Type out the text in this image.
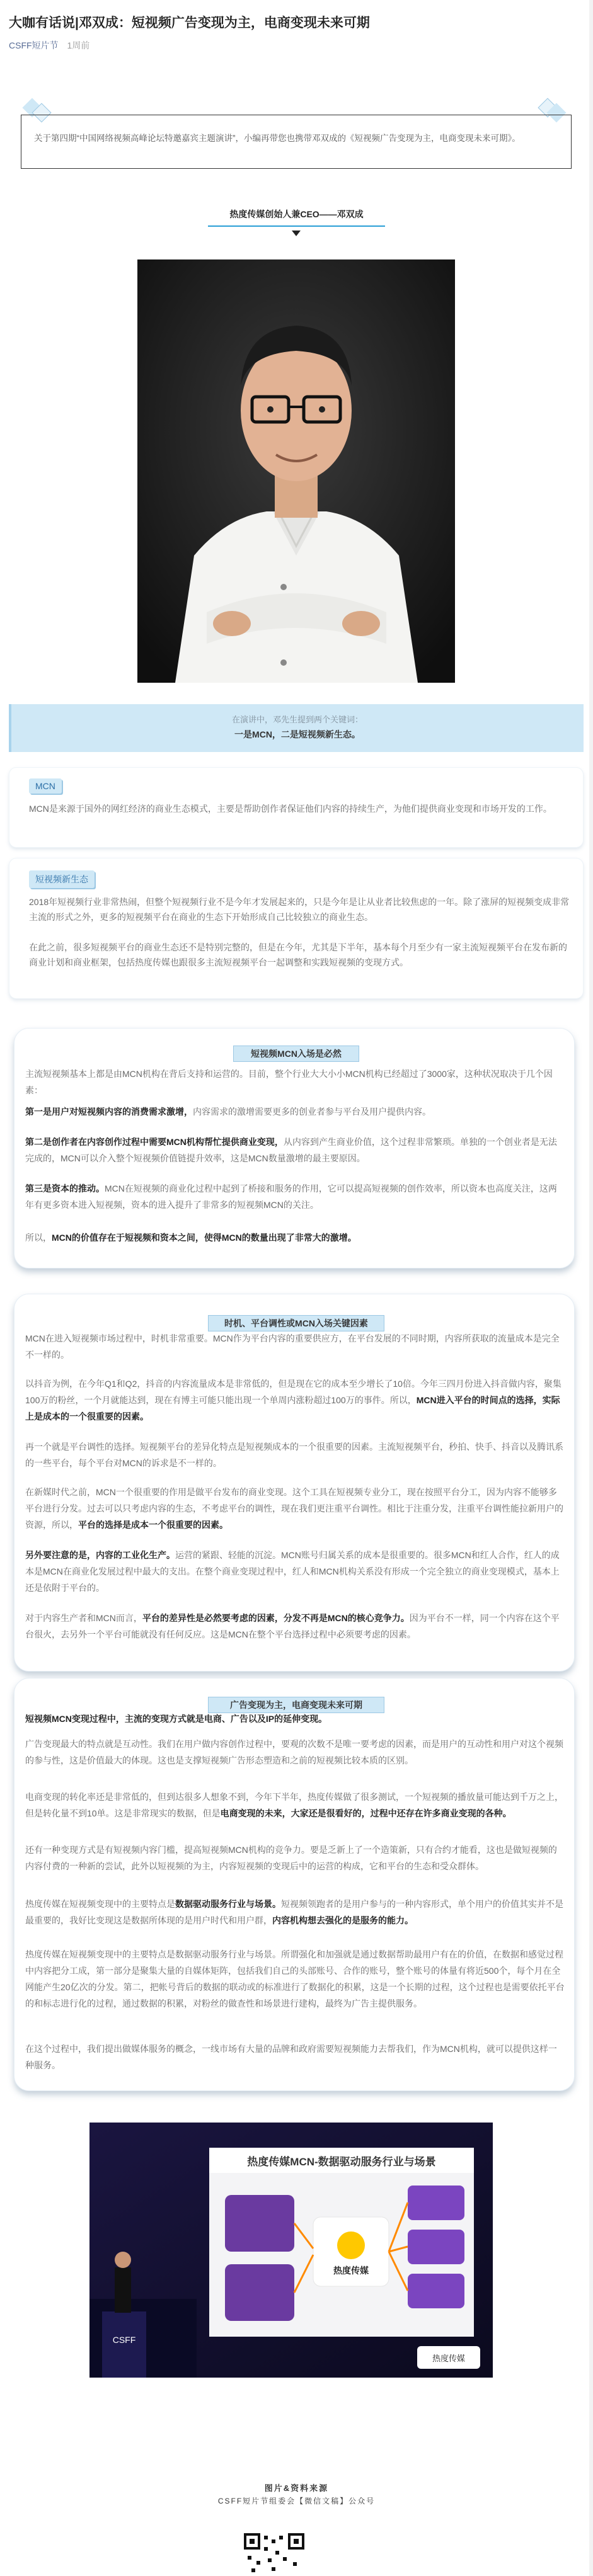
大咖有话说|邓双成：短视频广告变现为主，电商变现未来可期
CSFF短片节 1周前
关于第四期“中国网络视频高峰论坛特邀嘉宾主题演讲”，小编再带您也携带邓双成的《短视频广告变现为主，电商变现未来可期》。
热度传媒创始人兼CEO——邓双成
在演讲中，邓先生提到两个关键词：
一是MCN，二是短视频新生态。
MCN
MCN是来源于国外的网红经济的商业生态模式，主要是帮助创作者保证他们内容的持续生产，为他们提供商业变现和市场开发的工作。
短视频新生态
2018年短视频行业非常热闹，但整个短视频行业不是今年才发展起来的，只是今年是让从业者比较焦虑的一年。除了涨屏的短视频变成非常主流的形式之外，更多的短视频平台在商业的生态下开始形成自己比较独立的商业生态。
在此之前，很多短视频平台的商业生态还不是特别完整的，但是在今年，尤其是下半年，基本每个月至少有一家主流短视频平台在发布新的商业计划和商业框架，包括热度传媒也跟很多主流短视频平台一起调整和实践短视频的变现方式。
短视频MCN入场是必然
主流短视频基本上都是由MCN机构在背后支持和运营的。目前，整个行业大大小小MCN机构已经超过了3000家，这种状况取决于几个因素：
第一是用户对短视频内容的消费需求激增，内容需求的激增需要更多的创业者参与平台及用户提供内容。
第二是创作者在内容创作过程中需要MCN机构帮忙提供商业变现，从内容到产生商业价值，这个过程非常繁琐。单独的一个创业者是无法完成的，MCN可以介入整个短视频价值链提升效率，这是MCN数量激增的最主要原因。
第三是资本的推动。MCN在短视频的商业化过程中起到了桥接和服务的作用，它可以提高短视频的创作效率，所以资本也高度关注，这两年有更多资本进入短视频，资本的进入提升了非常多的短视频MCN的关注。
所以，MCN的价值存在于短视频和资本之间，使得MCN的数量出现了非常大的激增。
时机、平台调性或MCN入场关键因素
MCN在进入短视频市场过程中，时机非常重要。MCN作为平台内容的重要供应方，在平台发展的不同时期，内容所获取的流量成本是完全不一样的。
以抖音为例，在今年Q1和Q2，抖音的内容流量成本是非常低的，但是现在它的成本至少增长了10倍。今年三四月份进入抖音做内容，聚集100万的粉丝，一个月就能达到，现在有博主可能只能出现一个单周内涨粉超过100万的事件。所以，MCN进入平台的时间点的选择，实际上是成本的一个很重要的因素。
再一个就是平台调性的选择。短视频平台的差异化特点是短视频成本的一个很重要的因素。主流短视频平台，秒拍、快手、抖音以及腾讯系的一些平台，每个平台对MCN的诉求是不一样的。
在新媒时代之前，MCN一个很重要的作用是做平台发布的商业变现。这个工具在短视频专业分工，现在按照平台分工，因为内容不能够多平台进行分发。过去可以只考虑内容的生态，不考虑平台的调性，现在我们更注重平台调性。相比于注重分发，注重平台调性能拉新用户的资源，所以，平台的选择是成本一个很重要的因素。
另外要注意的是，内容的工业化生产。运营的紧跟、轻能的沉淀。MCN账号归属关系的成本是很重要的。很多MCN和红人合作，红人的成本是MCN在商业化发展过程中最大的支出。在整个商业变现过程中，红人和MCN机构关系没有形成一个完全独立的商业变现模式，基本上还是依附于平台的。
对于内容生产者和MCN而言，平台的差异性是必然要考虑的因素，分发不再是MCN的核心竞争力。因为平台不一样，同一个内容在这个平台很火，去另外一个平台可能就没有任何反应。这是MCN在整个平台选择过程中必须要考虑的因素。
广告变现为主，电商变现未来可期
短视频MCN变现过程中，主流的变现方式就是电商、广告以及IP的延伸变现。
广告变现最大的特点就是互动性。我们在用户做内容创作过程中，要观的次数不是唯一要考虑的因素，而是用户的互动性和用户对这个视频的参与性，这是价值最大的体现。这也是支撑短视频广告形态塑造和之前的短视频比较本质的区别。
电商变现的转化率还是非常低的，但到达很多人想象不到，今年下半年，热度传媒做了很多测试，一个短视频的播放量可能达到千万之上，但是转化量不到10单。这是非常现实的数据，但是电商变现的未来，大家还是很看好的，过程中还存在许多商业变现的各种。
还有一种变现方式是有短视频内容门槛，提高短视频MCN机构的竞争力。要是乏新上了一个造策新，只有合约才能看，这也是做短视频的内容付费的一种新的尝试，此外以短视频的为主，内容短视频的变现后中的运营的构成，它和平台的生态和受众群体。
热度传媒在短视频变现中的主要特点是数据驱动服务行业与场景。短视频领跑者的是用户参与的一种内容形式，单个用户的价值其实并不是最重要的，我好比变现这是数据所体现的是用户时代和用户群，内容机构想去强化的是服务的能力。
热度传媒在短视频变现中的主要特点是数据驱动服务行业与场景。所谓强化和加强就是通过数据帮助最用户有在的价值，在数据和感觉过程中内容把分工成，第一部分是聚集大量的自媒体矩阵，包括我们自己的头部账号、合作的账号，整个账号的体量有将近500个，每个月在全网能产生20亿次的分发。第二，把帐号背后的数据的联动或的标准进行了数据化的积累，这是一个长期的过程，这个过程也是需要依托平台的和标志进行化的过程，通过数据的积累，对粉丝的做查性和场景进行建构，最终为广告主提供服务。
在这个过程中，我们提出做媒体服务的概念，一线市场有大量的品牌和政府需要短视频能力去帮我们，作为MCN机构，就可以提供这样一种服务。
热度传媒MCN-数据驱动服务行业与场景
热度传媒
CSFF
热度传媒
图片&资料来源
CSFF短片节组委会【微信文稿】公众号
